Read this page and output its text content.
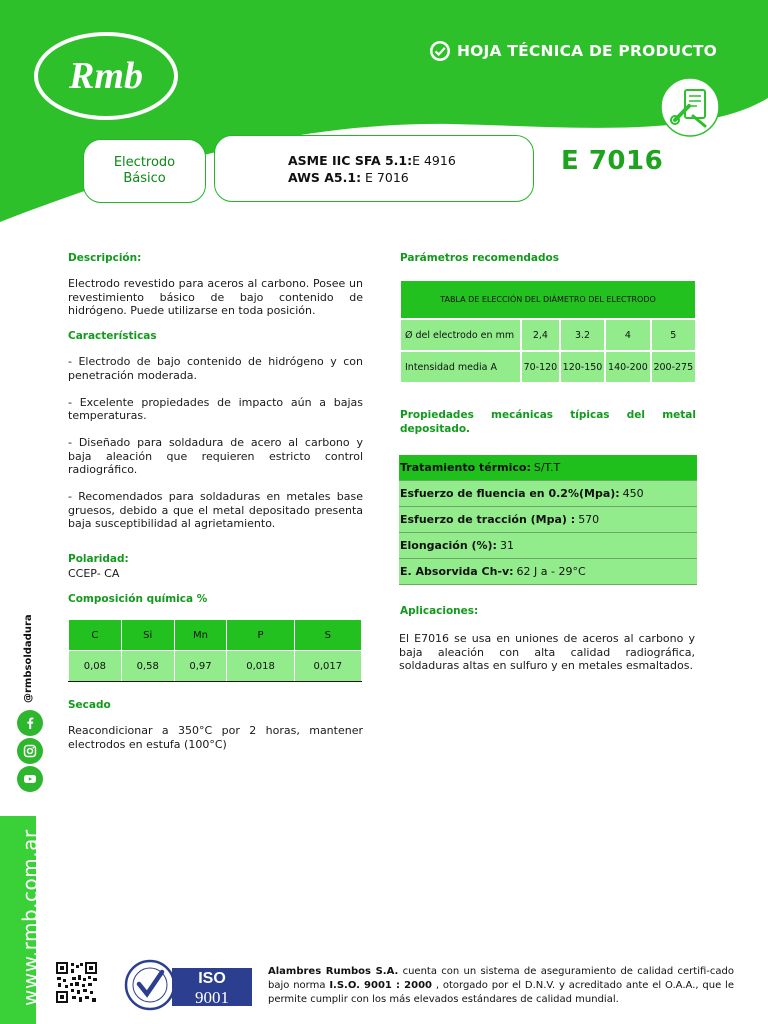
Rmb
HOJA TÉCNICA DE PRODUCTO
Electrodo
Básico
ASME IIC SFA 5.1:E 4916
AWS A5.1: E 7016
E 7016
Descripción:
Electrodo revestido para aceros al carbono. Posee un revestimiento básico de bajo contenido de hidrógeno. Puede utilizarse en toda posición.
Características

- Electrodo de bajo contenido de hidrógeno y con penetración moderada.

- Excelente propiedades de impacto aún a bajas temperaturas.

- Diseñado para soldadura de acero al carbono y baja aleación que requieren estricto control radiográfico.

- Recomendados para soldaduras en metales base gruesos, debido a que el metal depositado presenta baja susceptibilidad al agrietamiento.

Polaridad:
CCEP- CA
Composición química %
C	Si	Mn	P	S
0,08	0,58	0,97	0,018	0,017
Secado
Reacondicionar a 350°C por 2 horas, mantener electrodos en estufa (100°C)
Parámetros recomendados
TABLA DE ELECCIÓN DEL DIÁMETRO DEL ELECTRODO				
Ø del electrodo en mm	2,4	3.2	4	5
Intensidad media A	70-120	120-150	140-200	200-275
Propiedades mecánicas típicas del metal depositado.
Tratamiento térmico: S/T.T
Esfuerzo de fluencia en 0.2%(Mpa): 450
Esfuerzo de tracción (Mpa) : 570
Elongación (%): 31
E. Absorvida Ch-v: 62 J a - 29°C
Aplicaciones:
El E7016 se usa en uniones de aceros al carbono y baja aleación con alta calidad radiográfica, soldaduras altas en sulfuro y en metales esmaltados.
@rmbsoldadura
www.rmb.com.ar	ISO
9001
Alambres Rumbos S.A. cuenta con un sistema de aseguramiento de calidad certifi-cado bajo norma I.S.O. 9001 : 2000 , otorgado por el D.N.V. y acreditado ante el O.A.A., que le permite cumplir con los más elevados estándares de calidad mundial.
